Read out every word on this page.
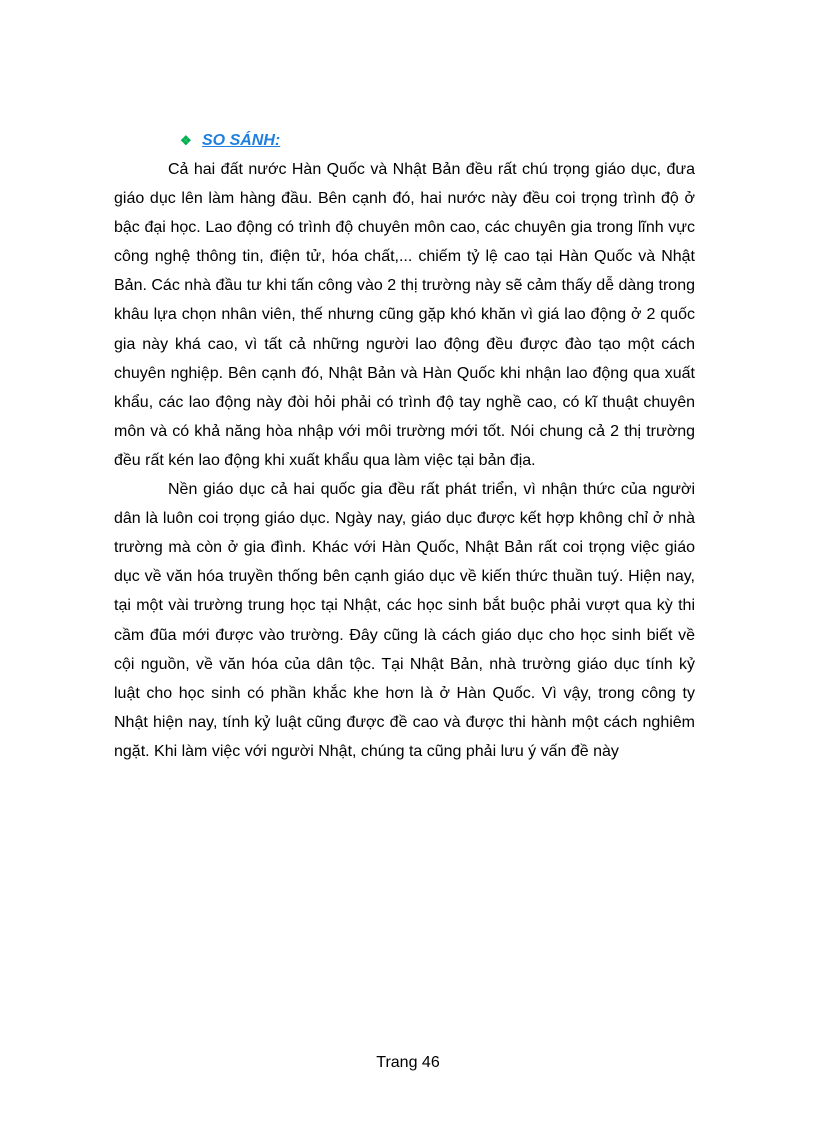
❖ SO SÁNH:

Cả hai đất nước Hàn Quốc và Nhật Bản đều rất chú trọng giáo dục, đưa giáo dục lên làm hàng đầu. Bên cạnh đó, hai nước này đều coi trọng trình độ ở bậc đại học. Lao động có trình độ chuyên môn cao, các chuyên gia trong lĩnh vực công nghệ thông tin, điện tử, hóa chất,... chiếm tỷ lệ cao tại Hàn Quốc và Nhật Bản. Các nhà đầu tư khi tấn công vào 2 thị trường này sẽ cảm thấy dễ dàng trong khâu lựa chọn nhân viên, thế nhưng cũng gặp khó khăn vì giá lao động ở 2 quốc gia này khá cao, vì tất cả những người lao động đều được đào tạo một cách chuyên nghiệp. Bên cạnh đó, Nhật Bản và Hàn Quốc khi nhận lao động qua xuất khẩu, các lao động này đòi hỏi phải có trình độ tay nghề cao, có kĩ thuật chuyên môn và có khả năng hòa nhập với môi trường mới tốt. Nói chung cả 2 thị trường đều rất kén lao động khi xuất khẩu qua làm việc tại bản địa.

Nền giáo dục cả hai quốc gia đều rất phát triển, vì nhận thức của người dân là luôn coi trọng giáo dục. Ngày nay, giáo dục được kết hợp không chỉ ở nhà trường mà còn ở gia đình. Khác với Hàn Quốc, Nhật Bản rất coi trọng việc giáo dục về văn hóa truyền thống bên cạnh giáo dục về kiến thức thuần tuý. Hiện nay, tại một vài trường trung học tại Nhật, các học sinh bắt buộc phải vượt qua kỳ thi cầm đũa mới được vào trường. Đây cũng là cách giáo dục cho học sinh biết về cội nguồn, về văn hóa của dân tộc. Tại Nhật Bản, nhà trường giáo dục tính kỷ luật cho học sinh có phần khắc khe hơn là ở Hàn Quốc. Vì vậy, trong công ty Nhật hiện nay, tính kỷ luật cũng được đề cao và được thi hành một cách nghiêm ngặt. Khi làm việc với người Nhật, chúng ta cũng phải lưu ý vấn đề này

Trang 46
